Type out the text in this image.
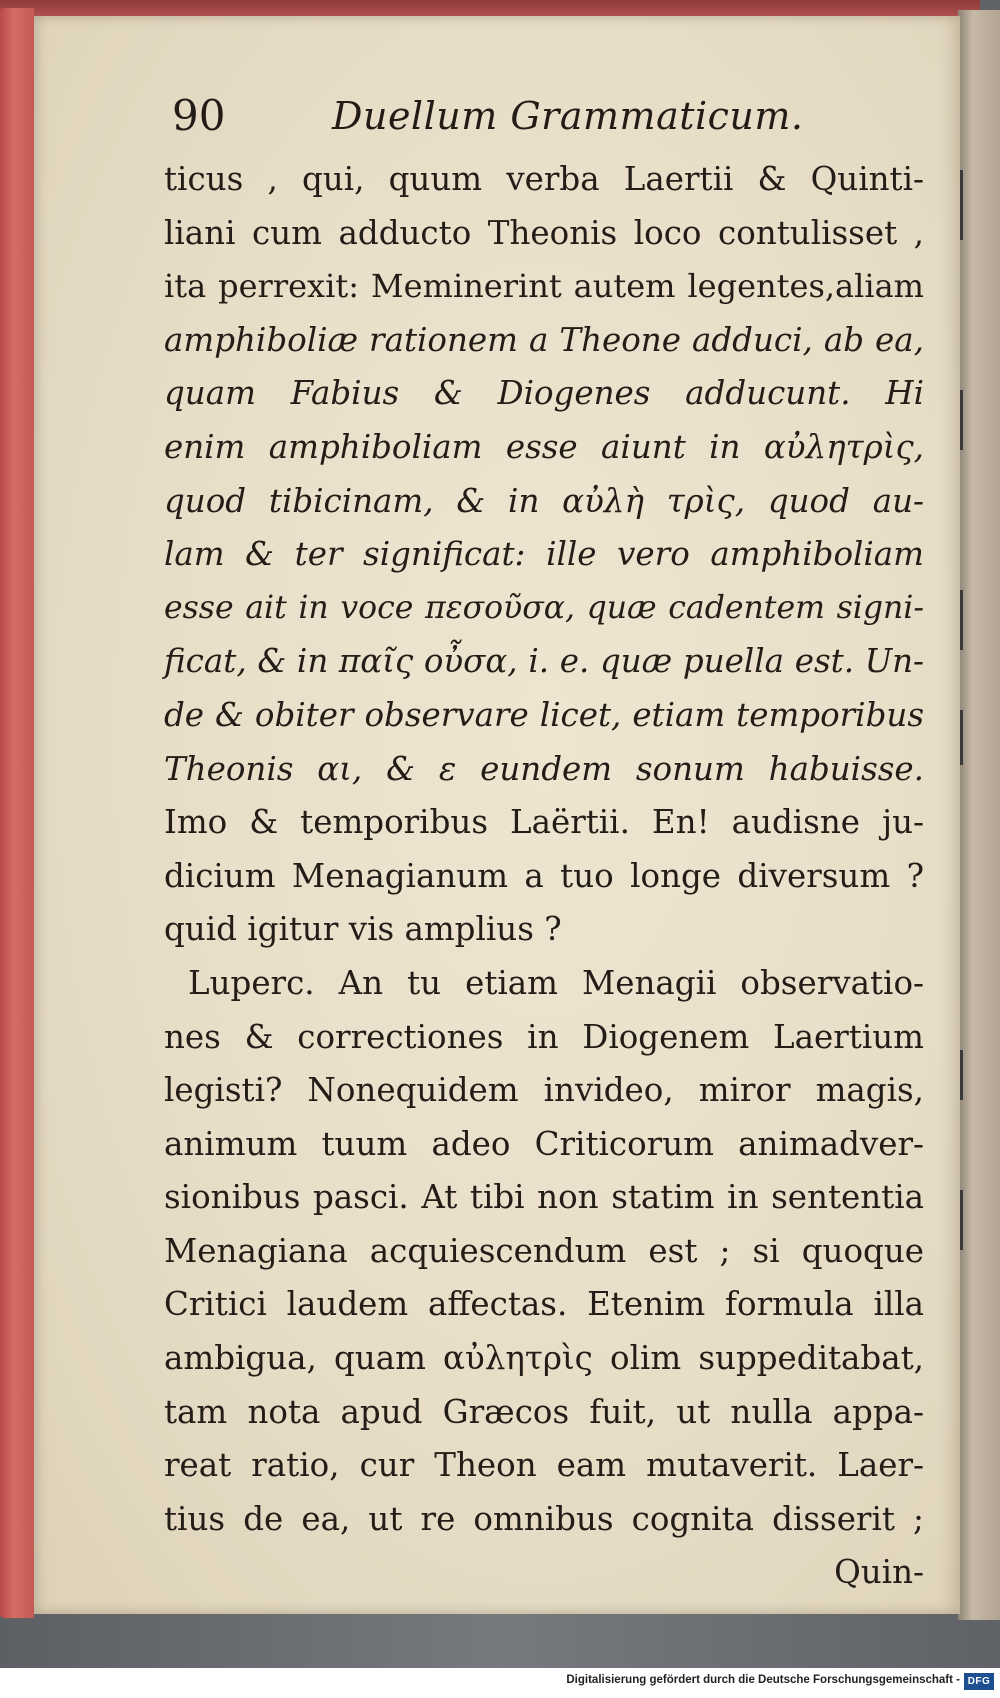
90	Duellum Grammaticum.
ticus , qui, quum verba Laertii & Quinti-
liani cum adducto Theonis loco contulisset ,
ita perrexit: Meminerint autem legentes,aliam
amphiboliæ rationem a Theone adduci, ab ea,
quam Fabius & Diogenes adducunt. Hi
enim amphiboliam esse aiunt in αὐλητρὶς,
quod tibicinam, & in αὐλὴ τρὶς, quod au-
lam & ter significat: ille vero amphiboliam
esse ait in voce πεσοῦσα, quæ cadentem signi-
ficat, & in παῖς οὖσα, i. e. quæ puella est. Un-
de & obiter observare licet, etiam temporibus
Theonis αι, & ε eundem sonum habuisse.
Imo & temporibus Laërtii. En! audisne ju-
dicium Menagianum a tuo longe diversum ?
quid igitur vis amplius ?
Luperc. An tu etiam Menagii observatio-
nes & correctiones in Diogenem Laertium
legisti? Nonequidem invideo, miror magis,
animum tuum adeo Criticorum animadver-
sionibus pasci. At tibi non statim in sententia
Menagiana acquiescendum est ; si quoque
Critici laudem affectas. Etenim formula illa
ambigua, quam αὐλητρὶς olim suppeditabat,
tam nota apud Græcos fuit, ut nulla appa-
reat ratio, cur Theon eam mutaverit. Laer-
tius de ea, ut re omnibus cognita disserit ;
Quin-
Digitalisierung gefördert durch die Deutsche Forschungsgemeinschaft - DFG
